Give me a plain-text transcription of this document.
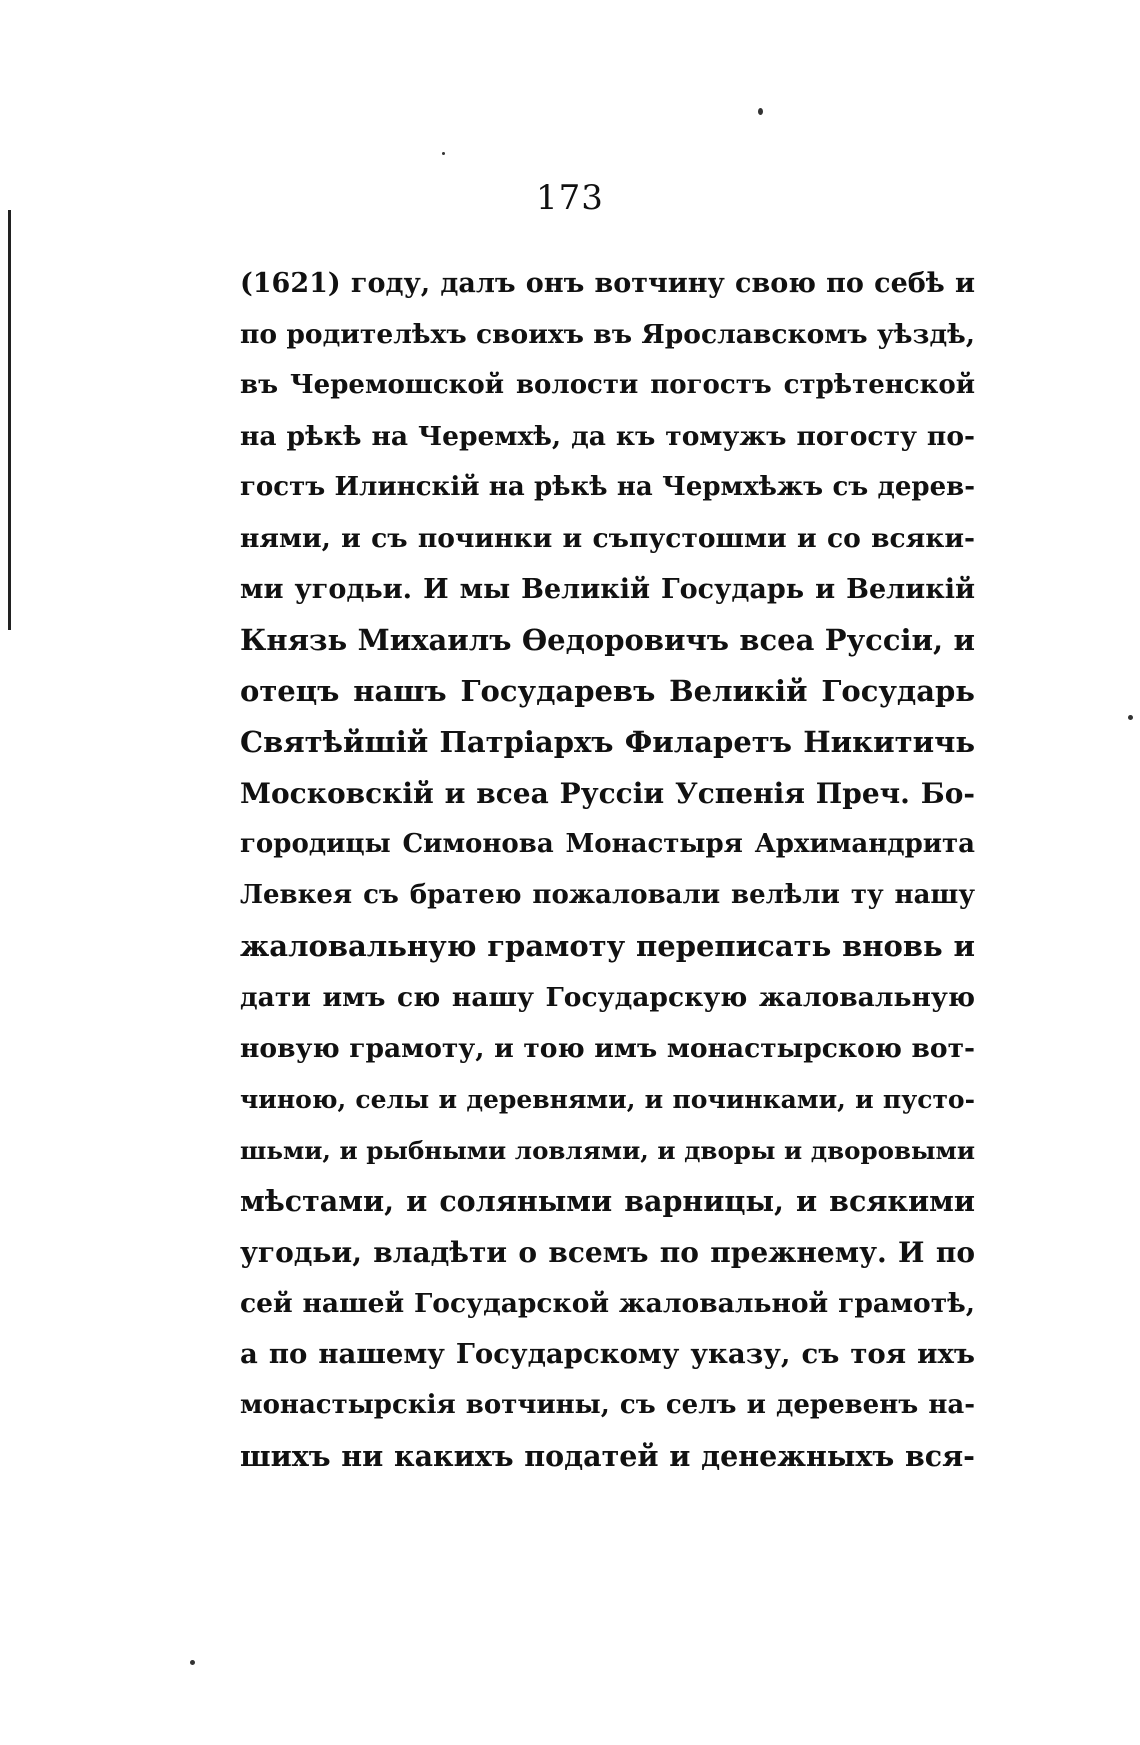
173
(1621) году, далъ онъ вотчину свою по себѣ и
по родителѣхъ своихъ въ Ярославскомъ уѣздѣ,
въ Черемошской волости погостъ стрѣтенской
на рѣкѣ на Черемхѣ, да къ томужъ погосту по-
гостъ Илинскій на рѣкѣ на Чермхѣжъ съ дерев-
нями, и съ починки и съпустошми и со всяки-
ми угодьи. И мы Великій Государь и Великій
Князь Михаилъ Ѳедоровичъ всеа Руссіи, и
отецъ нашъ Государевъ Великій Государь
Святѣйшій Патріархъ Филаретъ Никитичь
Московскій и всеа Руссіи Успенія Преч. Бо-
городицы Симонова Монастыря Архимандрита
Левкея съ братею пожаловали велѣли ту нашу
жаловальную грамоту переписать вновь и
дати имъ сю нашу Государскую жаловальную
новую грамоту, и тою имъ монастырскою вот-
чиною, селы и деревнями, и починками, и пусто-
шьми, и рыбными ловлями, и дворы и дворовыми
мѣстами, и соляными варницы, и всякими
угодьи, владѣти о всемъ по прежнему. И по
сей нашей Государской жаловальной грамотѣ,
а по нашему Государскому указу, съ тоя ихъ
монастырскія вотчины, съ селъ и деревенъ на-
шихъ ни какихъ податей и денежныхъ вся-
